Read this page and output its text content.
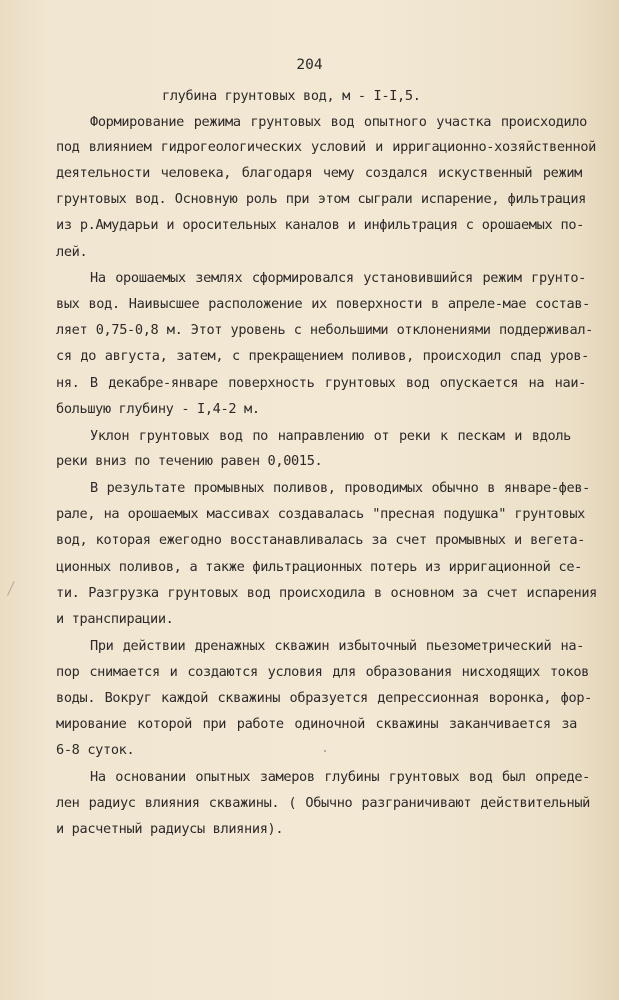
204
глубина грунтовых вод, м - I-I,5.
Формирование режима грунтовых вод опытного участка происходило
под влиянием гидрогеологических условий и ирригационно-хозяйственной
деятельности человека, благодаря чему создался искуственный режим
грунтовых вод. Основную роль при этом сыграли испарение, фильтрация
из р.Амударьи и оросительных каналов и инфильтрация с орошаемых по-
лей.
На орошаемых землях сформировался установившийся режим грунто-
вых вод. Наивысшее расположение их поверхности в апреле-мае состав-
ляет 0,75-0,8 м. Этот уровень с небольшими отклонениями поддерживал-
ся до августа, затем, с прекращением поливов, происходил спад уров-
ня. В декабре-январе поверхность грунтовых вод опускается на наи-
большую глубину - I,4-2 м.
Уклон грунтовых вод по направлению от реки к пескам и вдоль
реки вниз по течению равен 0,0015.
В результате промывных поливов, проводимых обычно в январе-фев-
рале, на орошаемых массивах создавалась "пресная подушка" грунтовых
вод, которая ежегодно восстанавливалась за счет промывных и вегета-
ционных поливов, а также фильтрационных потерь из ирригационной се-
ти. Разгрузка грунтовых вод происходила в основном за счет испарения
и транспирации.
При действии дренажных скважин избыточный пьезометрический на-
пор снимается и создаются условия для образования нисходящих токов
воды. Вокруг каждой скважины образуется депрессионная воронка, фор-
мирование которой при работе одиночной скважины заканчивается за
6-8 суток.
На основании опытных замеров глубины грунтовых вод был опреде-
лен радиус влияния скважины. ( Обычно разграничивают действительный
и расчетный радиусы влияния).
